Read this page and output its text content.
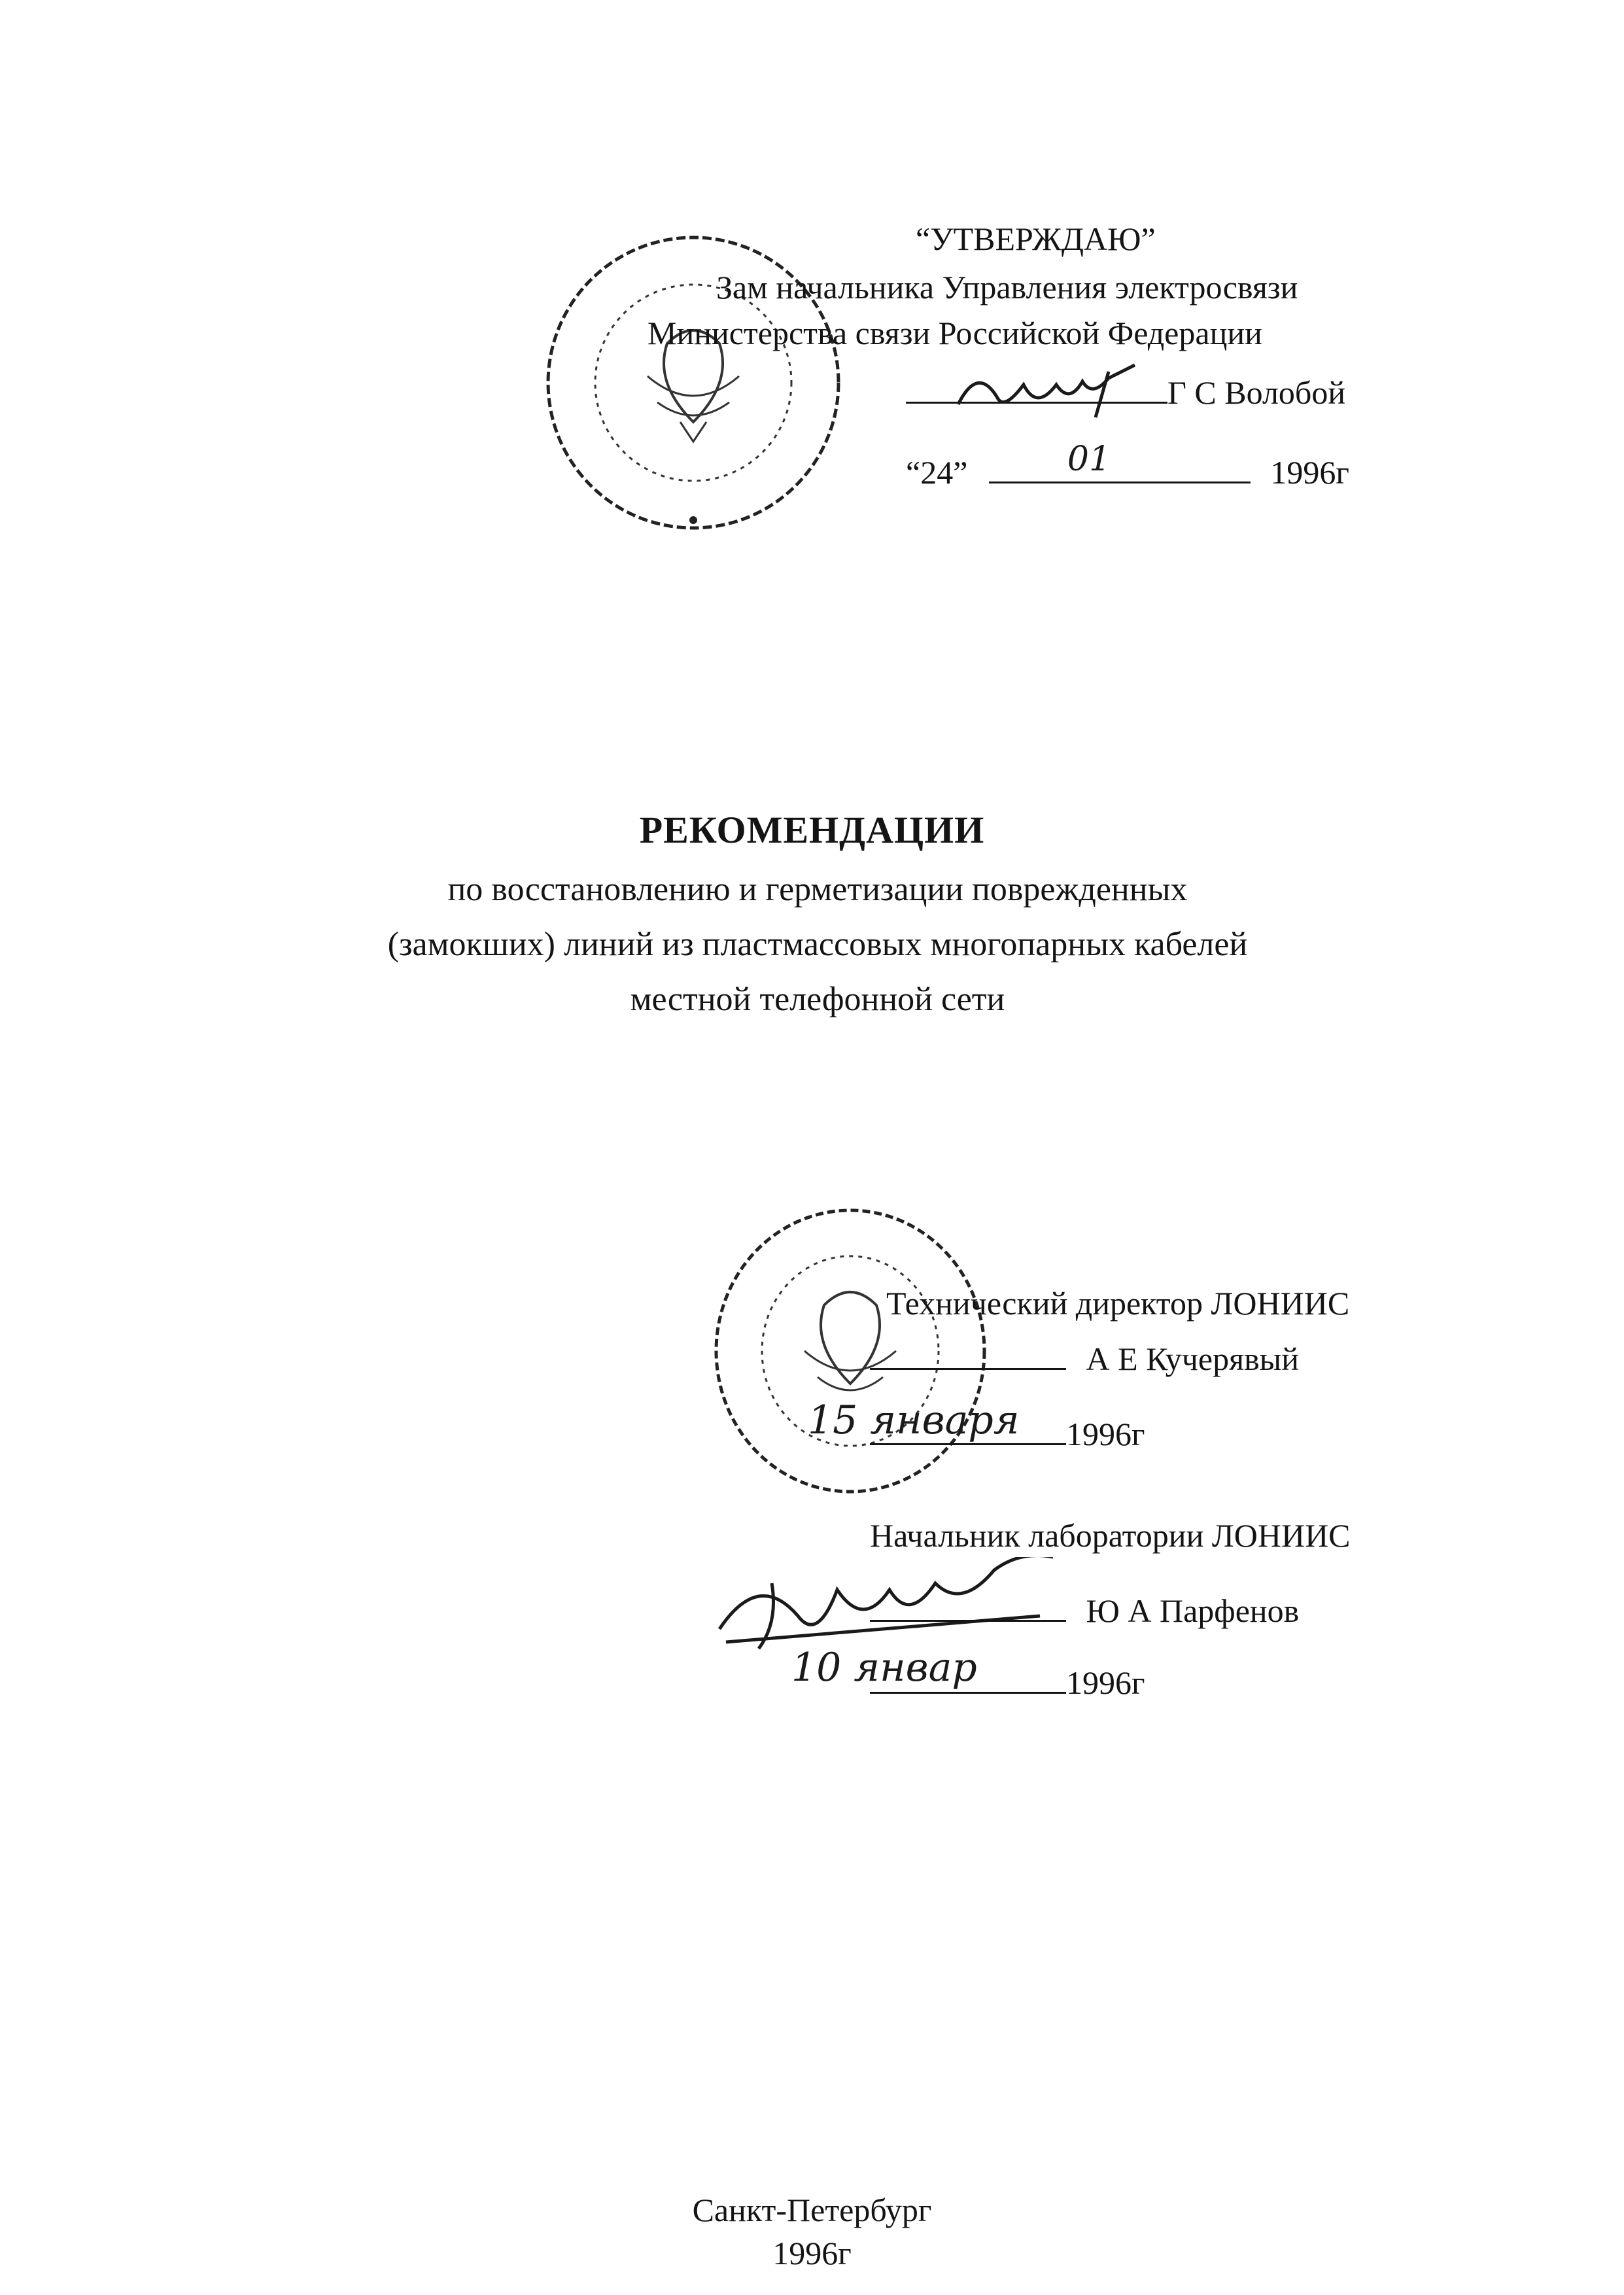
“УТВЕРЖДАЮ”
Зам начальника Управления электросвязи
Министерства связи Российской Федерации
Г С Волобой
“24”	01	1996г
РЕКОМЕНДАЦИИ
по восстановлению и герметизации поврежденных
(замокших) линий из пластмассовых многопарных кабелей
местной телефонной сети
Технический директор ЛОНИИС
А Е Кучерявый
15 января 1996г
Начальник лаборатории ЛОНИИС
Ю А Парфенов
10 январ	1996г
Санкт-Петербург
1996г
